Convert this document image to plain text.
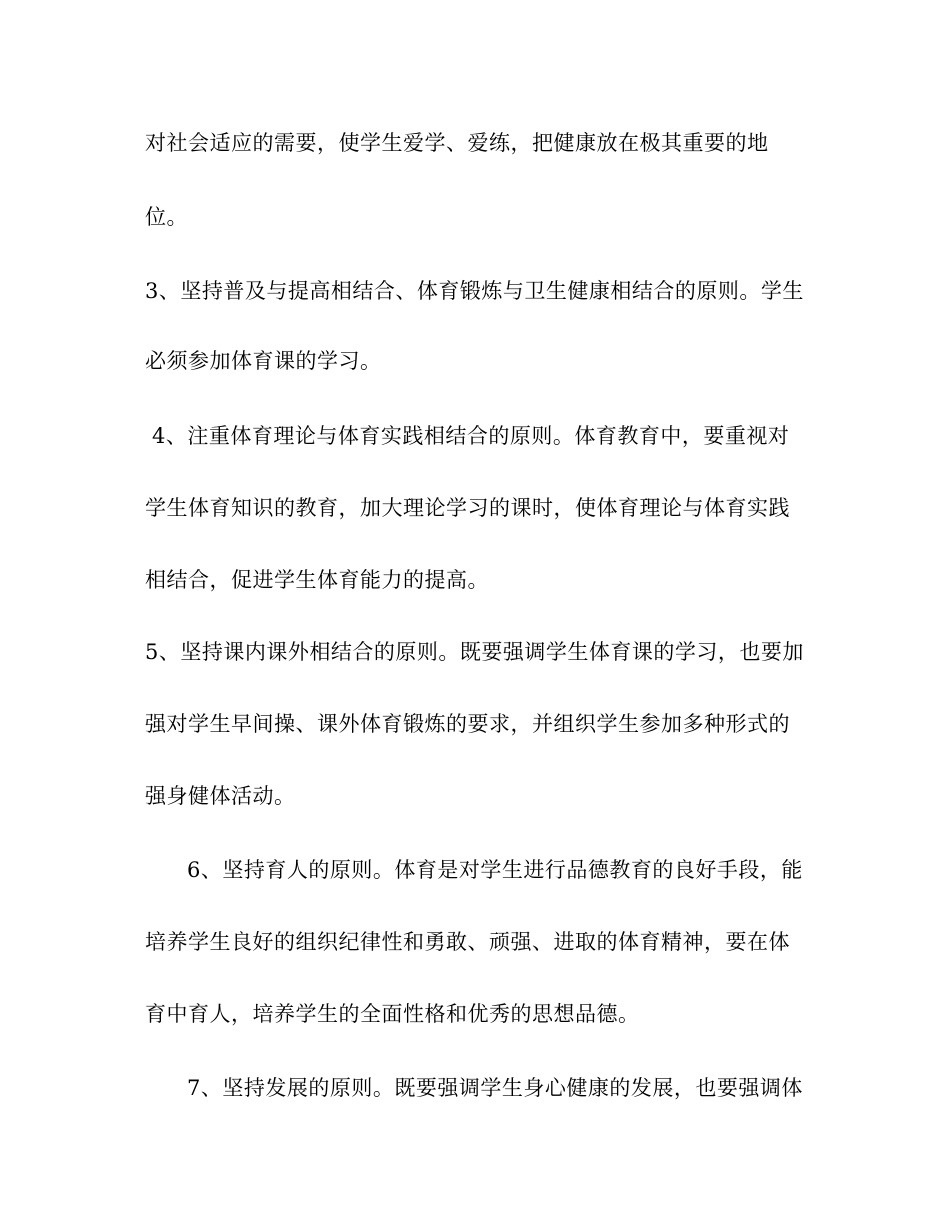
对社会适应的需要，使学生爱学、爱练，把健康放在极其重要的地
位。
3、坚持普及与提高相结合、体育锻炼与卫生健康相结合的原则。学生
必须参加体育课的学习。
4、注重体育理论与体育实践相结合的原则。体育教育中，要重视对
学生体育知识的教育，加大理论学习的课时，使体育理论与体育实践
相结合，促进学生体育能力的提高。
5、坚持课内课外相结合的原则。既要强调学生体育课的学习，也要加
强对学生早间操、课外体育锻炼的要求，并组织学生参加多种形式的
强身健体活动。
6、坚持育人的原则。体育是对学生进行品德教育的良好手段，能
培养学生良好的组织纪律性和勇敢、顽强、进取的体育精神，要在体
育中育人，培养学生的全面性格和优秀的思想品德。
7、坚持发展的原则。既要强调学生身心健康的发展，也要强调体
